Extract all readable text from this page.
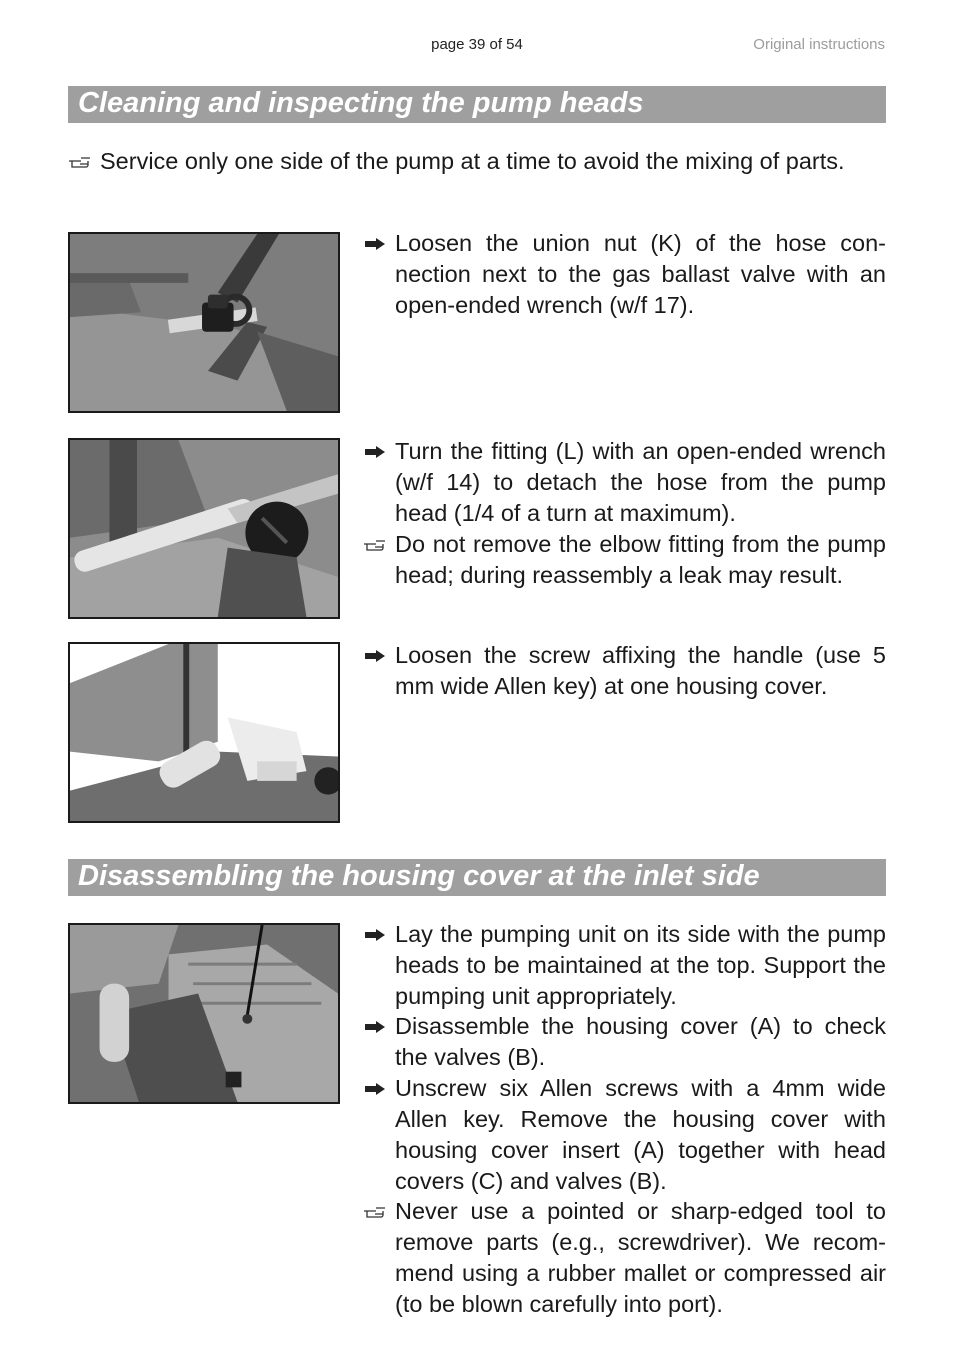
page 39 of 54	Original instructions
Cleaning and inspecting the pump heads
Service only one side of the pump at a time to avoid the mixing of parts.
Loosen the union nut (K) of the hose con-nection next to the gas ballast valve with an open-ended wrench (w/f 17).
Turn the fitting (L) with an open-ended wrench (w/f 14) to detach the hose from the pump head (1/4 of a turn at maximum).
Do not remove the elbow fitting from the pump head; during reassembly a leak may result.
Loosen the screw affixing the handle (use 5 mm wide Allen key) at one housing cover.
Disassembling the housing cover at the inlet side
Lay the pumping unit on its side with the pump heads to be maintained at the top. Support the pumping unit appropriately.
Disassemble the housing cover (A) to check the valves (B).
Unscrew six Allen screws with a 4mm wide Allen key. Remove the housing cover with housing cover insert (A) together with head covers (C) and valves (B).
Never use a pointed or sharp-edged tool to remove parts (e.g., screwdriver). We recom-mend using a rubber mallet or compressed air (to be blown carefully into port).
